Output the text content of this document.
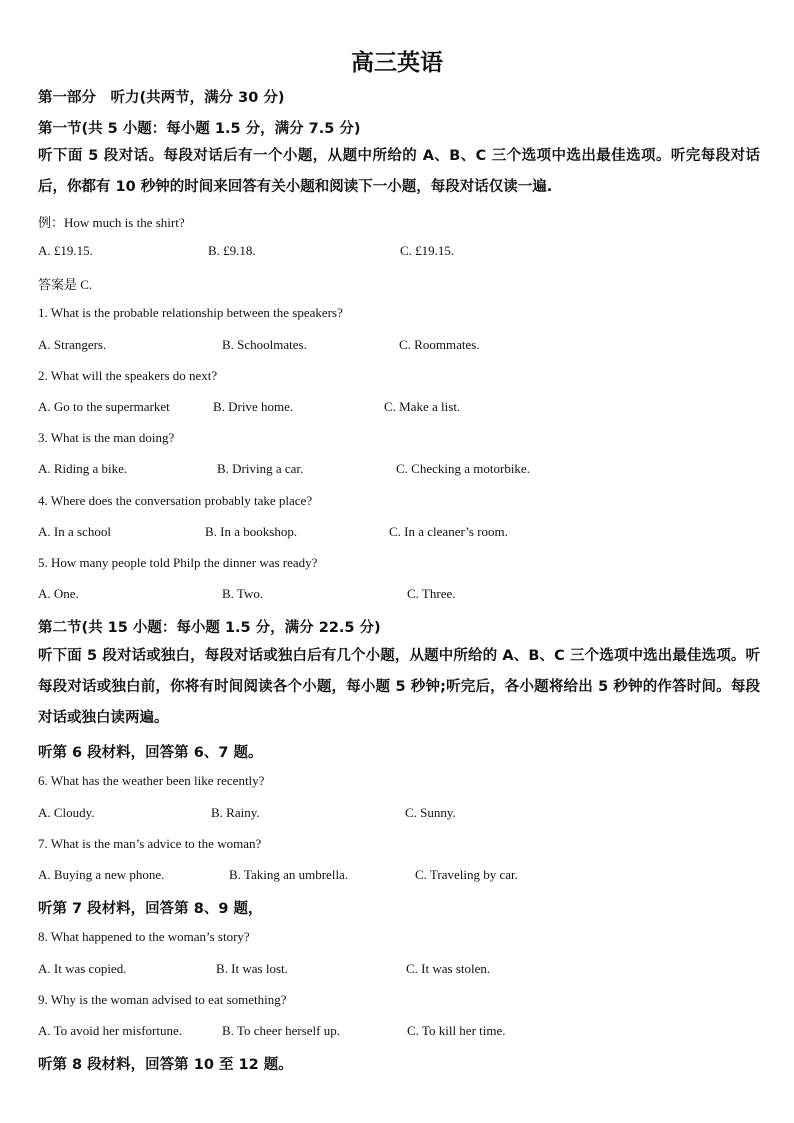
高三英语
第一部分　听力(共两节，满分 30 分)
第一节(共 5 小题：每小题 1.5 分，满分 7.5 分)
听下面 5 段对话。每段对话后有一个小题，从题中所给的 A、B、C 三个选项中选出最佳选项。听完每段对话后，你都有 10 秒钟的时间来回答有关小题和阅读下一小题，每段对话仅读一遍.
例：How much is the shirt?
A. £19.15.	B. £9.18.	C. £19.15.
答案是 C.
1. What is the probable relationship between the speakers?
A. Strangers.	B. Schoolmates.	C. Roommates.
2. What will the speakers do next?
A. Go to the supermarket	B. Drive home.	C. Make a list.
3. What is the man doing?
A. Riding a bike.	B. Driving a car.	C. Checking a motorbike.
4. Where does the conversation probably take place?
A. In a school	B. In a bookshop.	C. In a cleaner’s room.
5. How many people told Philp the dinner was ready?
A. One.	B. Two.	C. Three.
第二节(共 15 小题：每小题 1.5 分，满分 22.5 分)
听下面 5 段对话或独白，每段对话或独白后有几个小题，从题中所给的 A、B、C 三个选项中选出最佳选项。听每段对话或独白前，你将有时间阅读各个小题，每小题 5 秒钟;听完后，各小题将给出 5 秒钟的作答时间。每段对话或独白读两遍。
听第 6 段材料，回答第 6、7 题。
6. What has the weather been like recently?
A. Cloudy.	B. Rainy.	C. Sunny.
7. What is the man’s advice to the woman?
A. Buying a new phone.	B. Taking an umbrella.	C. Traveling by car.
听第 7 段材料，回答第 8、9 题，
8. What happened to the woman’s story?
A. It was copied.	B. It was lost.	C. It was stolen.
9. Why is the woman advised to eat something?
A. To avoid her misfortune.	B. To cheer herself up.	C. To kill her time.
听第 8 段材料，回答第 10 至 12 题。
